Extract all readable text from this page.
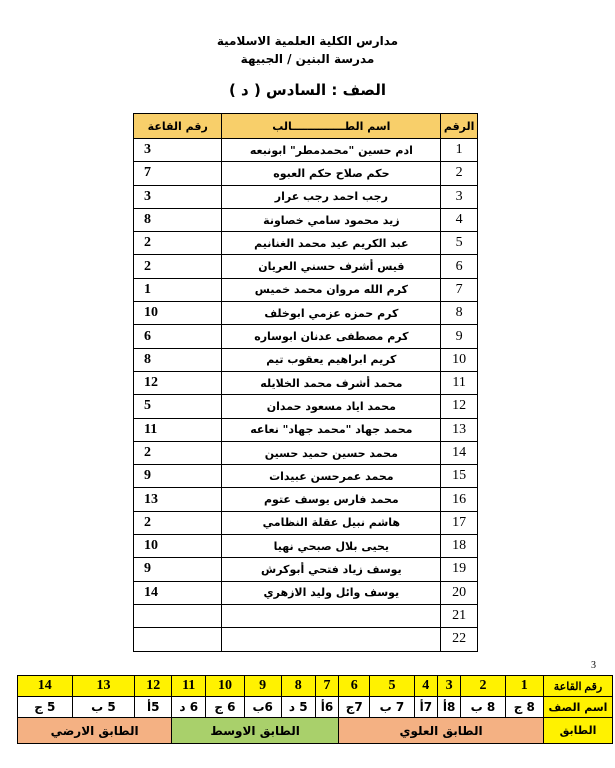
مدارس الكلية العلمية الاسلامية
مدرسة البنين / الجبيهة
الصف : السادس ( د )
الرقم	اسم الطــــــــــــــالب	رقم القاعة
1	ادم حسين "محمدمطر" ابونبعه	3
2	حكم صلاح حكم العبوه	7
3	رجب احمد رجب عرار	3
4	زيد محمود سامي خصاونة	8
5	عبد الكريم عيد محمد الغنانيم	2
6	قيس أشرف حسني العريان	2
7	كرم الله مروان محمد خميس	1
8	كرم حمزه عزمي ابوخلف	10
9	كرم مصطفى عدنان ابوساره	6
10	كريم ابراهيم يعقوب تيم	8
11	محمد أشرف محمد الخلايله	12
12	محمد اياد مسعود حمدان	5
13	محمد جهاد "محمد جهاد" نعاعه	11
14	محمد حسين حميد حسين	2
15	محمد عمرحسن عبيدات	9
16	محمد فارس يوسف عتوم	13
17	هاشم نبيل عقلة النظامي	2
18	يحيى بلال صبحي نهيا	10
19	يوسف زياد فتحي أبوكرش	9
20	يوسف وائل وليد الازهري	14
21		
22		
3
رقم القاعة	1	2	3	4	5	6	7	8	9	10	11	12	13	14
اسم الصف	8 ج	8 ب	8أ	7أ	7 ب	7ج	6أ	5 د	6ب	6 ج	6 د	5أ	5 ب	5 ج
الطابق	الطابق العلوي						الطابق الاوسط					الطابق الارضي		
